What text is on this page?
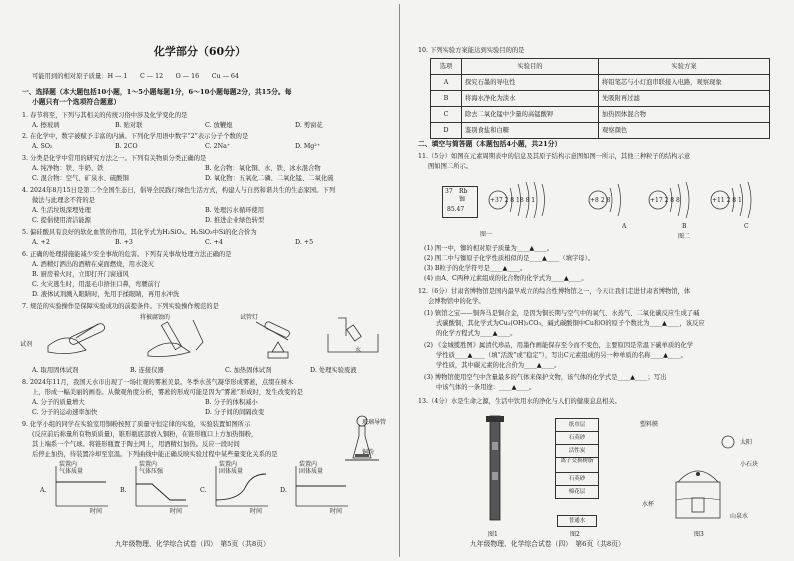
化学部分（60分）
可能用到的相对原子质量：H — 1　　C — 12　　O — 16　　Cu — 64
一、选择题（本大题包括10小题，1～5小题每题1分，6～10小题每题2分，共15分。每
小题只有一个选项符合题意）
1. 春节将至，下列与其相关的传统习俗中涉及化学变化的是
A. 擦玻璃	B. 贴对联	C. 放鞭炮	D. 剪窗花
2. 在化学中，数字被赋予丰富的内涵。下列化学用语中数字“2”表示分子个数的是
A. SO₂	B. 2CO	C. 2Na⁺	D. Mg²⁺
3. 分类是化学中常用的研究方法之一。下列有关物质分类正确的是
A. 纯净物：铁、牛奶、铁	B. 化合物：氧化铜、水、铁、冰水混合物
C. 混合物：空气、矿泉水、硫酸铜	D. 氧化物：五氧化二磷、二氧化锰、二氧化硫
4. 2024年8月15日是第二个全国生态日，倡导全民践行绿色生活方式，构建人与自然和谐共生的生态家园。下列
做法与此理念不符的是
A. 生活垃圾深埋处理	B. 处理污水循环使用
C. 提倡使用清洁能源	D. 推进企业绿色转型
5. 偏硅酸具有良好的软化血管的作用，其化学式为H₂SiO₃。H₂SiO₃中Si的化合价为
A. +2	B. +3	C. +4	D. +5
6. 正确的处理措施能减少安全事故的危害。下列有关事故处理方法正确的是
A. 酒精灯洒出的酒精在桌面燃烧，用水浇灭
B. 厨房着火时，立即打开门窗通风
C. 火灾逃生时，用湿毛巾捂住口鼻，弯腰前行
D. 液体试剂溅入眼睛时，先用手揉眼睛，再用水冲洗
7. 规范的实验操作是保障实验成功的前提条件。下列实验操作规范的是
试剂
将被腐蚀的	试管灯
水
A. 取用固体试剂	B. 连接仪器	C. 加热固体试剂	D. 处理实验废液
8. 2024年11月，我国天水市出现了一场壮观的雾凇美景。冬季水蒸气凝华形成雾凇，点缀在树木
上，形成一幅美丽的画卷。从微观角度分析，雾凇的形成可能是因为“雾凇”形成时，发生改变的是
A. 分子的质量增大	B. 分子的体积减小
C. 分子的运动速率加快	D. 分子间的间隔改变
9. 化学小组的同学在实验室用铜粉按照了质量守恒定律的实验，实验装置如图所示
(反应前后称量所有物质质量)，锥形瓶底部放入铜粉，在锥形瓶口上方加热铜粉，
其上端系一个气球。将锥形瓶置于陶土网上，用酒精灯加热。反应一段时间
后停止加热，待装置冷却至室温。下列曲线中能正确反映实验过程中某些量变化关系的是
玻璃导管
铜粉
装置内
气体质量
时间
装置内
气体压强
时间
装置内
固体质量
时间
装置内
固体质量
时间
A.	B.	C.	D.
九年级物理、化学综合试卷（四）　第5页（共8页）
10. 下列实验方案能达到实验目的的是
选项	实验目的	实验方案
A	探究石墨的导电性	将铅笔芯与小灯泡串联接入电路，观察现象
B	将海水净化为淡水	先吸附再过滤
C	除去二氧化锰中少量的高锰酸钾	加热固体混合物
D	鉴别食盐和白糖	观察颜色
二、填空与简答题（本题包括4小题，共21分）
11.（5分）如图在元素周期表中的信息及其原子结构示意图如图一所示，其他三种粒子的结构示意
图如图二所示。
37 Rb
铷
85.47
+37 2 8 18 8 1	+8 2 8	+17 2 8 8	+11 2 8 1
A	B	C
图一	图二
(1) 图一中，铷的相对原子质量为____▲____。
(2) 图二中与铷原子化学性质相似的是____▲____（填字母）。
(3) B粒子的化学符号是____▲____。
(4) 由A、C两种元素组成的化合物的化学式为____▲____。
12.（6分）甘肃省博物馆是国内最早成立的综合性博物馆之一，今天让我们走进甘肃省博物馆，体
会博物馆中的化学。
(1) 镇馆之宝——铜奔马是铜合金，是因为铜长期与空气中的氧气、水蒸气、二氧化碳反应生成了碱
式碳酸铜，其化学式为Cu₂(OH)₂CO₃，碱式碳酸铜中Cu和O的原子个数比为____▲____，该反应
的化学方程式为____▲____。
(2) 《金城揽胜图》属清代珍品，用墨作画能保存至今而不变色，主要原因是常温下碳单质的化学
学性质____▲____（填“活泼”或“稳定”），写出C元素组成的另一种单质的名称____▲____。
学性质，其中碳元素的化合价为____▲____。
(3) 博物馆使用空气中含量最多的气体来保护文物，该气体的化学式是____▲____；写出
中该气体的一条用途：____▲____。
13.（4分）水是生命之源，生活中饮用水的净化与人们的健康息息相关。
纸巾层
石英砂
活性炭
离子交换树脂
石英砂
棉花层
普通水
塑料膜
太阳
小石块
水杯
山泉水
图1	图2	图3
九年级物理、化学综合试卷（四）　第6页（共8页）
